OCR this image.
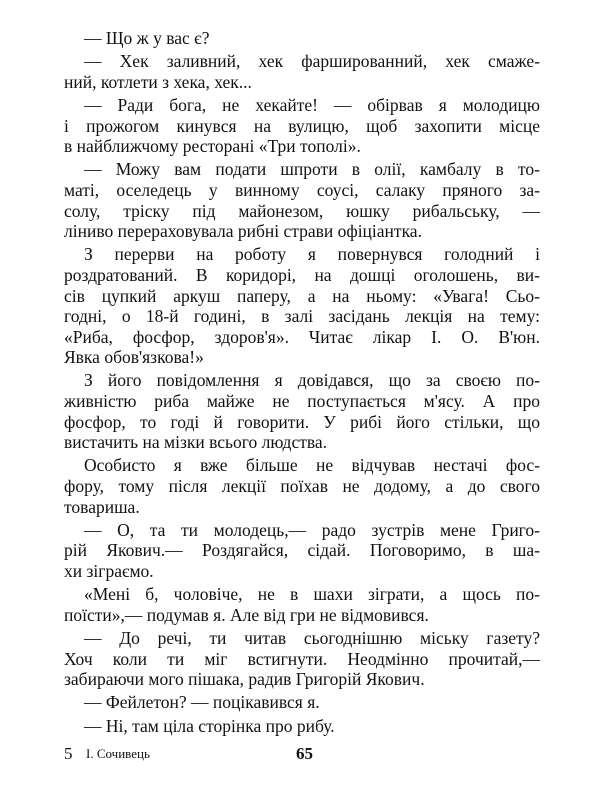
— Що ж у вас є?
— Хек заливний, хек фаршированний, хек смаже-
ний, котлети з хека, хек...
— Ради бога, не хекайте! — обірвав я молодицю
і прожогом кинувся на вулицю, щоб захопити місце
в найближчому ресторані «Три тополі».
— Можу вам подати шпроти в олії, камбалу в то-
маті, оселедець у винному соусі, салаку пряного за-
солу, тріску під майонезом, юшку рибальську, —
ліниво перераховувала рибні страви офіціантка.
З перерви на роботу я повернувся голодний і
роздратований. В коридорі, на дошці оголошень, ви-
сів цупкий аркуш паперу, а на ньому: «Увага! Сьо-
годні, о 18-й годині, в залі засідань лекція на тему:
«Риба, фосфор, здоров'я». Читає лікар І. О. В'юн.
Явка обов'язкова!»
З його повідомлення я довідався, що за своєю по-
живністю риба майже не поступається м'ясу. А про
фосфор, то годі й говорити. У рибі його стільки, що
вистачить на мізки всього людства.
Особисто я вже більше не відчував нестачі фос-
фору, тому після лекції поїхав не додому, а до свого
товариша.
— О, та ти молодець,— радо зустрів мене Григо-
рій Якович.— Роздягайся, сідай. Поговоримо, в ша-
хи зіграємо.
«Мені б, чоловіче, не в шахи зіграти, а щось по-
поїсти»,— подумав я. Але від гри не відмовився.
— До речі, ти читав сьогоднішню міську газету?
Хоч коли ти міг встигнути. Неодмінно прочитай,—
забираючи мого пішака, радив Григорій Якович.
— Фейлетон? — поцікавився я.
— Ні, там ціла сторінка про рибу.
5 І. Сочивець	65
